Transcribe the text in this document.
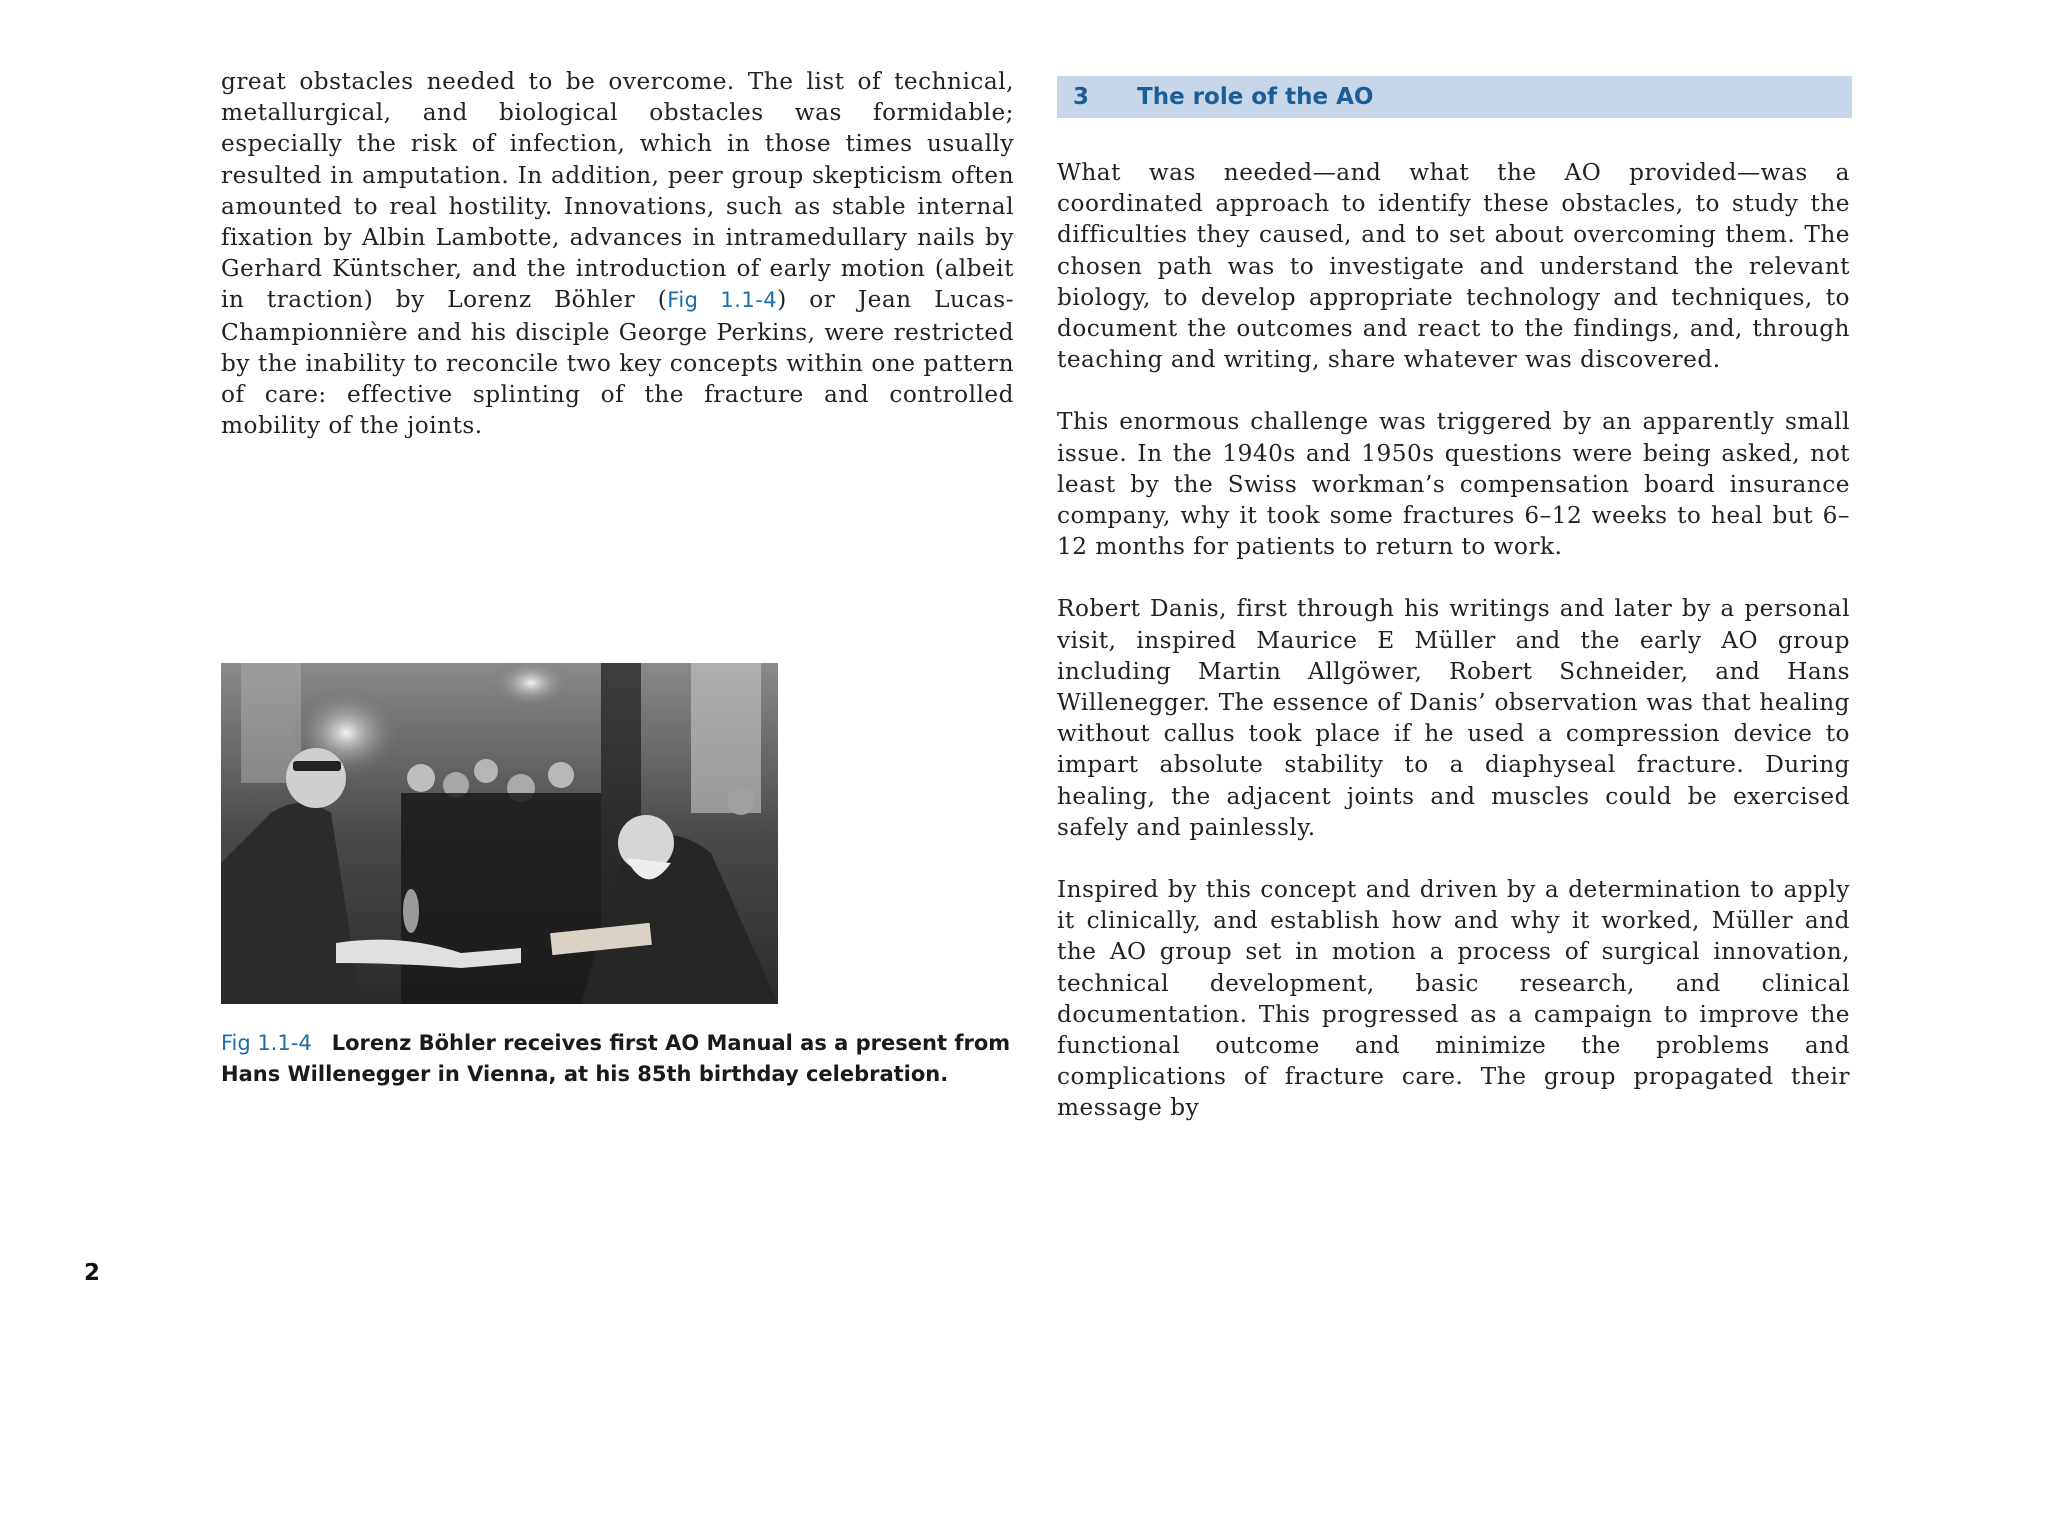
great obstacles needed to be overcome. The list of technical, metallurgical, and biological obstacles was formidable; especially the risk of infection, which in those times usually resulted in amputation. In addition, peer group skepticism often amounted to real hostility. Innovations, such as stable internal fixation by Albin Lambotte, advances in intramedullary nails by Gerhard Küntscher, and the introduction of early motion (albeit in traction) by Lorenz Böhler (Fig 1.1-4) or Jean Lucas-Championnière and his disciple George Perkins, were restricted by the inability to reconcile two key concepts within one pattern of care: effective splinting of the fracture and controlled mobility of the joints.

3	The role of the AO

What was needed—and what the AO provided—was a coordinated approach to identify these obstacles, to study the difficulties they caused, and to set about overcoming them. The chosen path was to investigate and understand the relevant biology, to develop appropriate technology and techniques, to document the outcomes and react to the findings, and, through teaching and writing, share whatever was discovered.

This enormous challenge was triggered by an apparently small issue. In the 1940s and 1950s questions were being asked, not least by the Swiss workman’s compensation board insurance company, why it took some fractures 6–12 weeks to heal but 6–12 months for patients to return to work.

Robert Danis, first through his writings and later by a personal visit, inspired Maurice E Müller and the early AO group including Martin Allgöwer, Robert Schneider, and Hans Willenegger. The essence of Danis’ observation was that healing without callus took place if he used a compression device to impart absolute stability to a diaphyseal fracture. During healing, the adjacent joints and muscles could be exercised safely and painlessly.

Inspired by this concept and driven by a determination to apply it clinically, and establish how and why it worked, Müller and the AO group set in motion a process of surgical innovation, technical development, basic research, and clinical documentation. This progressed as a campaign to improve the functional outcome and minimize the problems and complications of fracture care. The group propagated their message by

Fig 1.1-4 Lorenz Böhler receives first AO Manual as a present from Hans Willenegger in Vienna, at his 85th birthday celebration.
2
